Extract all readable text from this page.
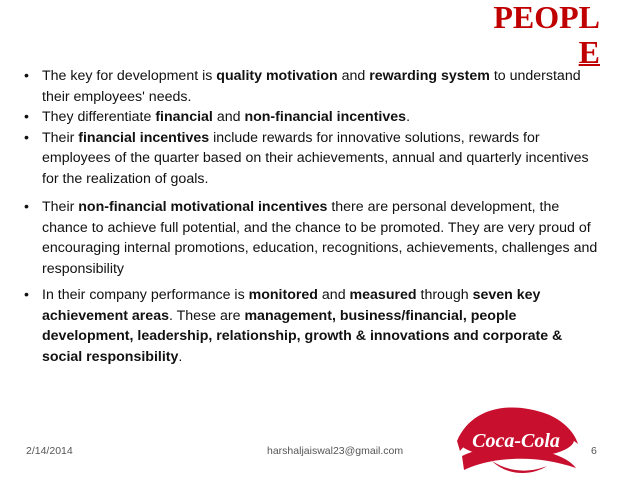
PEOPL
E
• The key for development is quality motivation and rewarding system to understand their employees' needs.
• They differentiate financial and non-financial incentives.
• Their financial incentives include rewards for innovative solutions, rewards for employees of the quarter based on their achievements, annual and quarterly incentives for the realization of goals.
• Their non-financial motivational incentives there are personal development, the chance to achieve full potential, and the chance to be promoted. They are very proud of encouraging internal promotions, education, recognitions, achievements, challenges and responsibility
• In their company performance is monitored and measured through seven key achievement areas. These are management, business/financial, people development, leadership, relationship, growth & innovations and corporate & social responsibility.
Coca-Cola
2/14/2014	harshaljaiswal23@gmail.com	6
